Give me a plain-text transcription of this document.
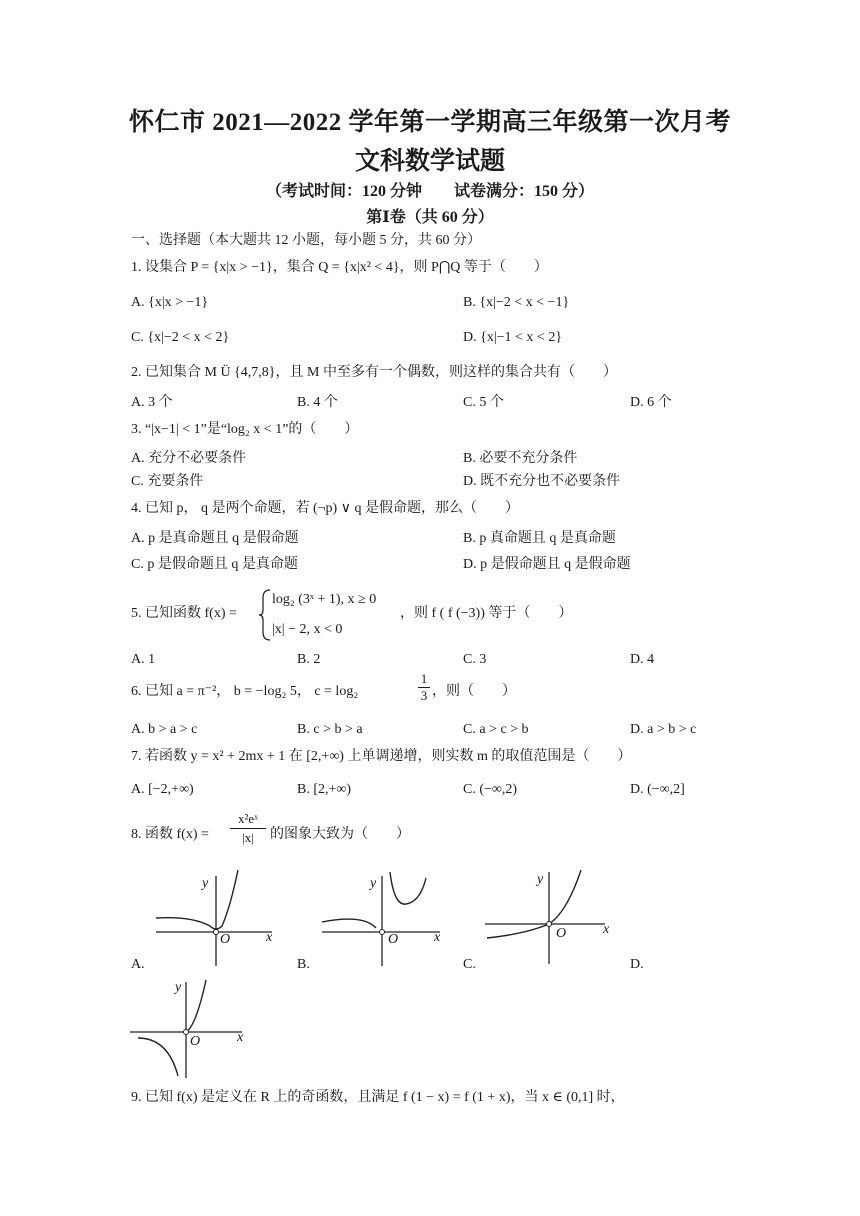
怀仁市 2021—2022 学年第一学期高三年级第一次月考
文科数学试题
（考试时间：120 分钟　　试卷满分：150 分）
第Ⅰ卷（共 60 分）
一、选择题（本大题共 12 小题，每小题 5 分，共 60 分）
1. 设集合 P = {x|x > −1}，集合 Q = {x|x² < 4}，则 P⋂Q 等于（　　）
A. {x|x > −1}	B. {x|−2 < x < −1}
C. {x|−2 < x < 2}	D. {x|−1 < x < 2}
2. 已知集合 M Ü {4,7,8}，且 M 中至多有一个偶数，则这样的集合共有（　　）
A. 3 个	B. 4 个	C. 5 个	D. 6 个
3. “|x−1| < 1”是“log₂ x < 1”的（　　）
A. 充分不必要条件	B. 必要不充分条件
C. 充要条件	D. 既不充分也不必要条件
4. 已知 p， q 是两个命题，若 (¬p) ∨ q 是假命题，那么（　　）
A. p 是真命题且 q 是假命题	B. p 真命题且 q 是真命题
C. p 是假命题且 q 是真命题	D. p 是假命题且 q 是假命题
5. 已知函数 f(x) =
log₂ (3ˣ + 1), x ≥ 0
|x| − 2, x < 0
，则 f ( f (−3)) 等于（　　）
A. 1	B. 2	C. 3	D. 4
6. 已知 a = π⁻²， b = −log₂ 5， c = log₂	$\frac{1}{3}$ ，则（　　）
A. b > a > c	B. c > b > a	C. a > c > b	D. a > b > c
7. 若函数 y = x² + 2mx + 1 在 [2,+∞) 上单调递增，则实数 m 的取值范围是（　　）
A. [−2,+∞)	B. [2,+∞)	C. (−∞,2)	D. (−∞,2]
8. 函数 $f(x) = \frac{\text{x²eˣ}}{|x|}$ 的图象大致为（　　）
y
x
O
A.
y
x
O
B.
y
x
O
C.	D.
y
x
O
9. 已知 f(x) 是定义在 R 上的奇函数，且满足 f (1 − x) = f (1 + x)，当 x ∈ (0,1] 时，
